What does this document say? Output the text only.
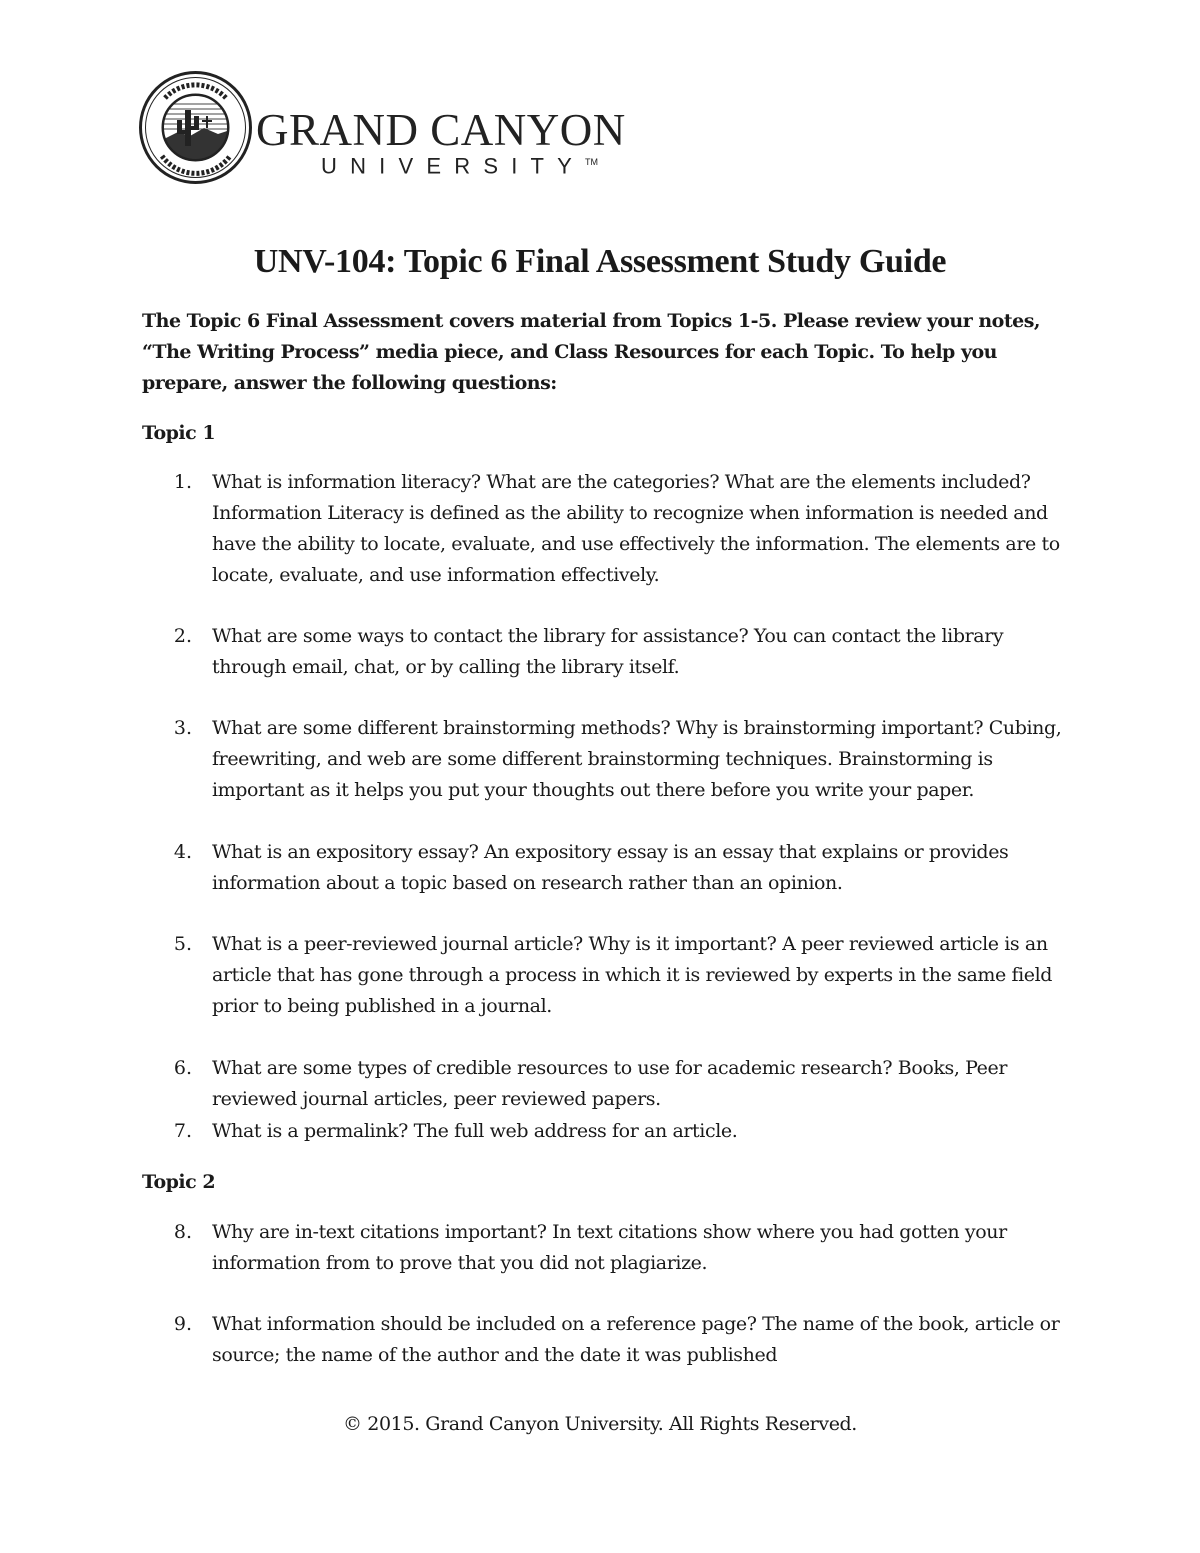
GRAND CANYON
UNIVERSITY™
UNV-104: Topic 6 Final Assessment Study Guide
The Topic 6 Final Assessment covers material from Topics 1-5. Please review your notes, “The Writing Process” media piece, and Class Resources for each Topic. To help you prepare, answer the following questions:
Topic 1
1. What is information literacy? What are the categories? What are the elements included? Information Literacy is defined as the ability to recognize when information is needed and have the ability to locate, evaluate, and use effectively the information. The elements are to locate, evaluate, and use information effectively.
2. What are some ways to contact the library for assistance? You can contact the library through email, chat, or by calling the library itself.
3. What are some different brainstorming methods? Why is brainstorming important? Cubing, freewriting, and web are some different brainstorming techniques. Brainstorming is important as it helps you put your thoughts out there before you write your paper.
4. What is an expository essay? An expository essay is an essay that explains or provides information about a topic based on research rather than an opinion.
5. What is a peer-reviewed journal article? Why is it important? A peer reviewed article is an article that has gone through a process in which it is reviewed by experts in the same field prior to being published in a journal.
6. What are some types of credible resources to use for academic research? Books, Peer reviewed journal articles, peer reviewed papers.
7. What is a permalink? The full web address for an article.
Topic 2
8. Why are in-text citations important? In text citations show where you had gotten your information from to prove that you did not plagiarize.
9. What information should be included on a reference page? The name of the book, article or source; the name of the author and the date it was published
© 2015. Grand Canyon University. All Rights Reserved.
